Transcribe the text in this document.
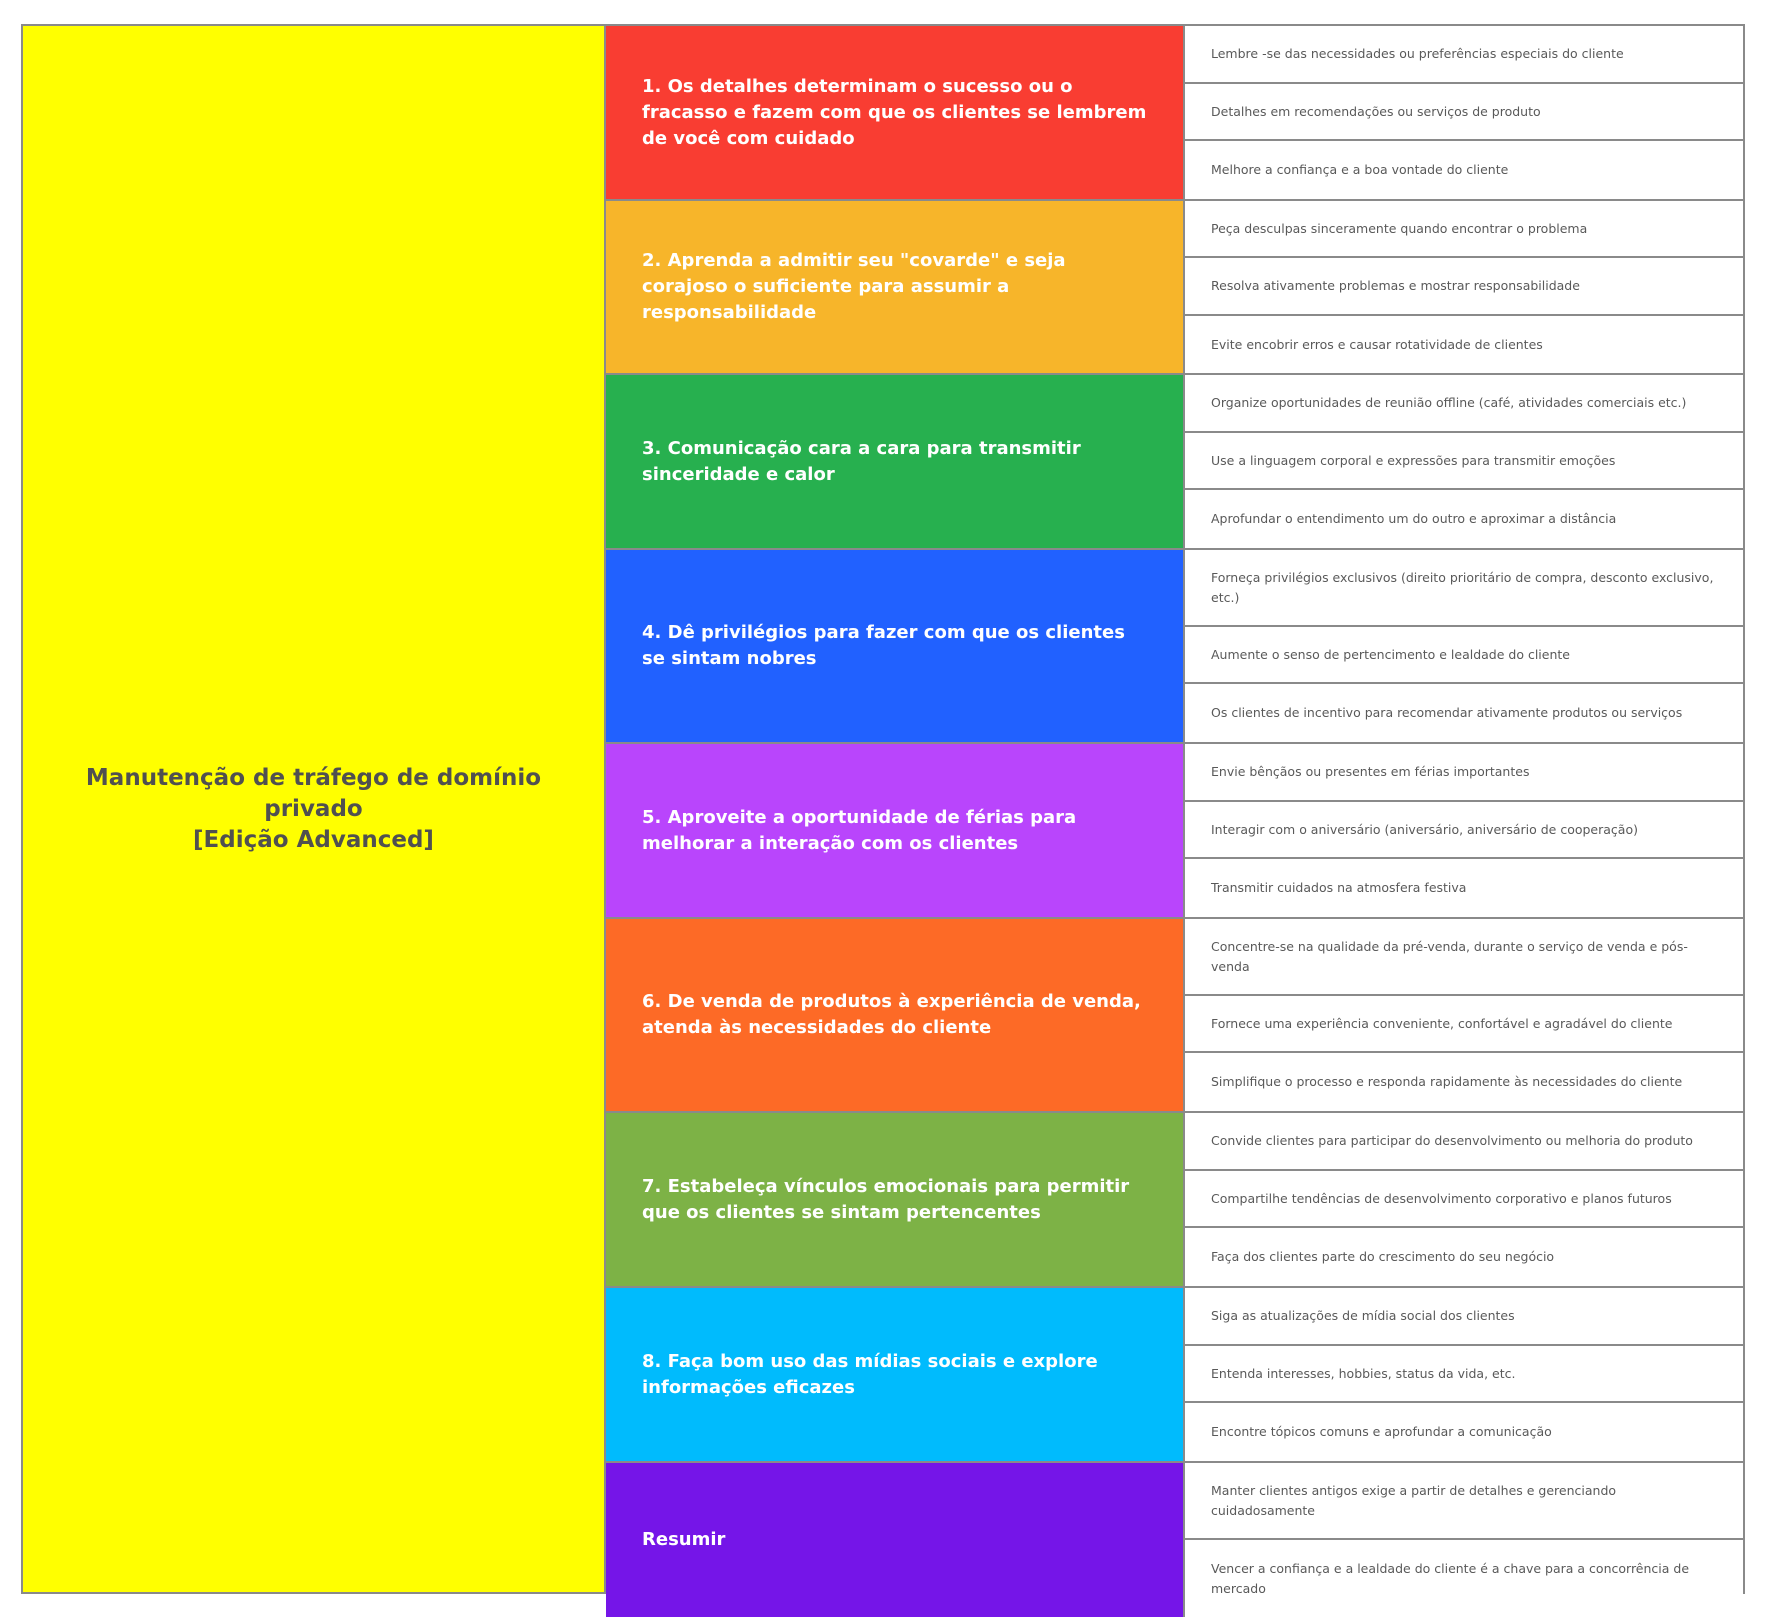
Manutenção de tráfego de domínio
privado
[Edição Advanced]
1. Os detalhes determinam o sucesso ou o fracasso e fazem com que os clientes se lembrem de você com cuidado
Lembre -se das necessidades ou preferências especiais do cliente
Detalhes em recomendações ou serviços de produto
Melhore a confiança e a boa vontade do cliente
2. Aprenda a admitir seu "covarde" e seja corajoso o suficiente para assumir a responsabilidade
Peça desculpas sinceramente quando encontrar o problema
Resolva ativamente problemas e mostrar responsabilidade
Evite encobrir erros e causar rotatividade de clientes
3. Comunicação cara a cara para transmitir sinceridade e calor
Organize oportunidades de reunião offline (café, atividades comerciais etc.)
Use a linguagem corporal e expressões para transmitir emoções
Aprofundar o entendimento um do outro e aproximar a distância
4. Dê privilégios para fazer com que os clientes se sintam nobres
Forneça privilégios exclusivos (direito prioritário de compra, desconto exclusivo, etc.)
Aumente o senso de pertencimento e lealdade do cliente
Os clientes de incentivo para recomendar ativamente produtos ou serviços
5. Aproveite a oportunidade de férias para melhorar a interação com os clientes
Envie bênçãos ou presentes em férias importantes
Interagir com o aniversário (aniversário, aniversário de cooperação)
Transmitir cuidados na atmosfera festiva
6. De venda de produtos à experiência de venda, atenda às necessidades do cliente
Concentre-se na qualidade da pré-venda, durante o serviço de venda e pós-venda
Fornece uma experiência conveniente, confortável e agradável do cliente
Simplifique o processo e responda rapidamente às necessidades do cliente
7. Estabeleça vínculos emocionais para permitir que os clientes se sintam pertencentes
Convide clientes para participar do desenvolvimento ou melhoria do produto
Compartilhe tendências de desenvolvimento corporativo e planos futuros
Faça dos clientes parte do crescimento do seu negócio
8. Faça bom uso das mídias sociais e explore informações eficazes
Siga as atualizações de mídia social dos clientes
Entenda interesses, hobbies, status da vida, etc.
Encontre tópicos comuns e aprofundar a comunicação
Resumir
Manter clientes antigos exige a partir de detalhes e gerenciando cuidadosamente
Vencer a confiança e a lealdade do cliente é a chave para a concorrência de mercado
